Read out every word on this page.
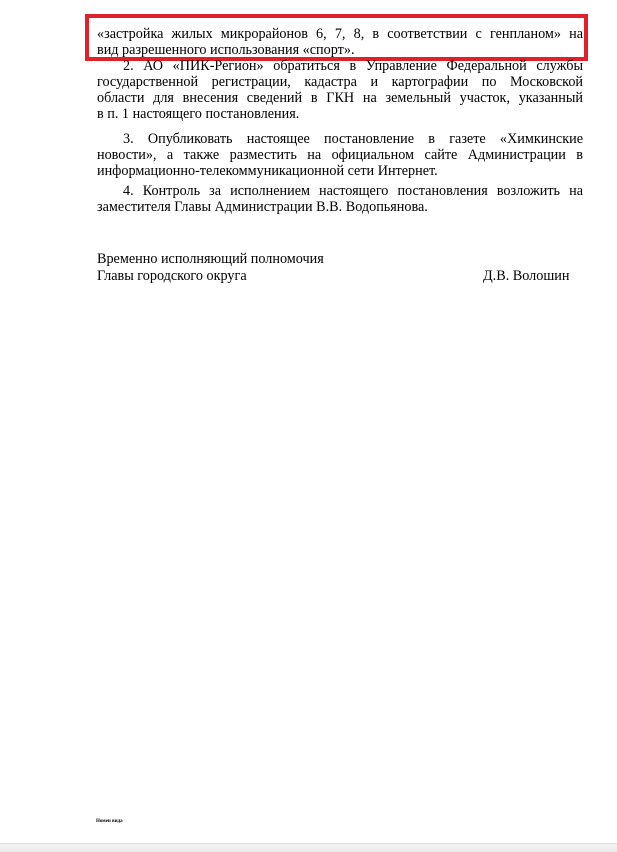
«застройка жилых микрорайонов 6, 7, 8, в соответствии с генпланом» на
вид разрешенного использования «спорт».
2. АО «ПИК-Регион» обратиться в Управление Федеральной службы
государственной регистрации, кадастра и картографии по Московской
области для внесения сведений в ГКН на земельный участок, указанный
в п. 1 настоящего постановления.
3. Опубликовать настоящее постановление в газете «Химкинские
новости», а также разместить на официальном сайте Администрации в
информационно-телекоммуникационной сети Интернет.
4. Контроль за исполнением настоящего постановления возложить на
заместителя Главы Администрации В.В. Водопьянова.
Временно исполняющий полномочия
Главы городского округа	Д.В. Волошин
Номен вида
